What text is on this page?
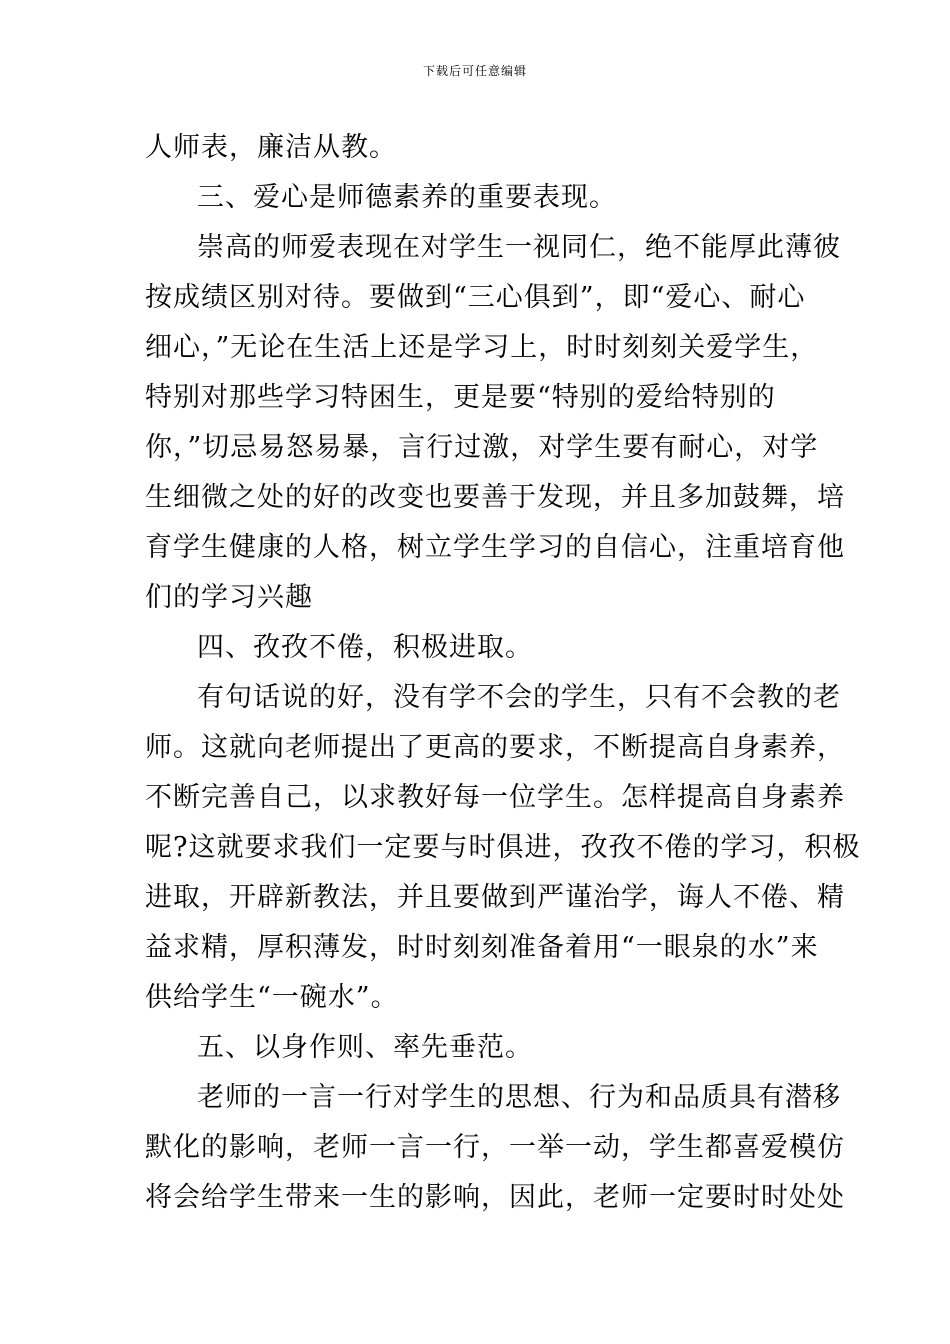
下载后可任意编辑
人师表，廉洁从教。
三、爱心是师德素养的重要表现。
崇高的师爱表现在对学生一视同仁，绝不能厚此薄彼
按成绩区别对待。要做到“三心俱到”，即“爱心、耐心
细心，”无论在生活上还是学习上，时时刻刻关爱学生，
特别对那些学习特困生，更是要“特别的爱给特别的
你，”切忌易怒易暴，言行过激，对学生要有耐心，对学
生细微之处的好的改变也要善于发现，并且多加鼓舞，培
育学生健康的人格，树立学生学习的自信心，注重培育他
们的学习兴趣
四、孜孜不倦，积极进取。
有句话说的好，没有学不会的学生，只有不会教的老
师。这就向老师提出了更高的要求，不断提高自身素养，
不断完善自己，以求教好每一位学生。怎样提高自身素养
呢?这就要求我们一定要与时俱进，孜孜不倦的学习，积极
进取，开辟新教法，并且要做到严谨治学，诲人不倦、精
益求精，厚积薄发，时时刻刻准备着用“一眼泉的水”来
供给学生“一碗水”。
五、以身作则、率先垂范。
老师的一言一行对学生的思想、行为和品质具有潜移
默化的影响，老师一言一行，一举一动，学生都喜爱模仿
将会给学生带来一生的影响，因此，老师一定要时时处处
